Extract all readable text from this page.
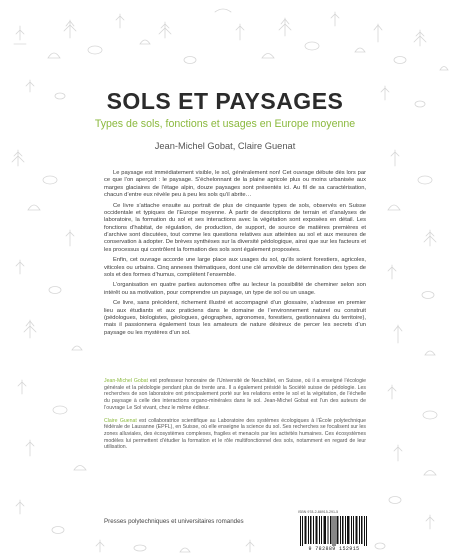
SOLS ET PAYSAGES
Types de sols, fonctions et usages en Europe moyenne
Jean-Michel Gobat, Claire Guenat

Le paysage est immédiatement visible, le sol, généralement non! Cet ouvrage débute dès lors par ce que l’on aperçoit : le paysage. S’échelonnant de la plaine agricole plus ou moins urbanisée aux marges glaciaires de l’étage alpin, douze paysages sont présentés ici. Au fil de sa caractérisation, chacun d’entre eux révèle peu à peu les sols qu’il abrite…

Ce livre s’attache ensuite au portrait de plus de cinquante types de sols, observés en Suisse occidentale et typiques de l’Europe moyenne. À partir de descriptions de terrain et d’analyses de laboratoire, la formation du sol et ses interactions avec la végétation sont exposées en détail. Les fonctions d’habitat, de régulation, de production, de support, de source de matières premières et d’archive sont discutées, tout comme les questions relatives aux atteintes au sol et aux mesures de conservation à adopter. De brèves synthèses sur la diversité pédologique, ainsi que sur les facteurs et les processus qui contrôlent la formation des sols sont également proposées.

Enfin, cet ouvrage accorde une large place aux usages du sol, qu’ils soient forestiers, agricoles, viticoles ou urbains. Cinq annexes thématiques, dont une clé amovible de détermination des types de sols et des formes d’humus, complètent l’ensemble.

L’organisation en quatre parties autonomes offre au lecteur la possibilité de cheminer selon son intérêt ou sa motivation, pour comprendre un paysage, un type de sol ou un usage.

Ce livre, sans précédent, richement illustré et accompagné d’un glossaire, s’adresse en premier lieu aux étudiants et aux praticiens dans le domaine de l’environnement naturel ou construit (pédologues, biologistes, géologues, géographes, agronomes, forestiers, gestionnaires du territoire), mais il passionnera également tous les amateurs de nature désireux de percer les secrets d’un paysage ou les mystères d’un sol.

Jean-Michel Gobat est professeur honoraire de l’Université de Neuchâtel, en Suisse, où il a enseigné l’écologie générale et la pédologie pendant plus de trente ans. Il a également présidé la Société suisse de pédologie. Les recherches de son laboratoire ont principalement porté sur les relations entre le sol et la végétation, de l’échelle du paysage à celle des interactions organo-minérales dans le sol. Jean-Michel Gobat est l’un des auteurs de l’ouvrage Le Sol vivant, chez le même éditeur.

Claire Guenat est collaboratrice scientifique au Laboratoire des systèmes écologiques à l’École polytechnique fédérale de Lausanne (EPFL), en Suisse, où elle enseigne la science du sol. Ses recherches se focalisent sur les zones alluviales, des écosystèmes complexes, fragiles et menacés par les activités humaines. Ces écosystèmes modèles lui permettent d’étudier la formation et le rôle multifonctionnel des sols, notamment en regard de leur utilisation.

Presses polytechniques et universitaires romandes
ISBN 978-2-88915-291-5
9 782889 152915
